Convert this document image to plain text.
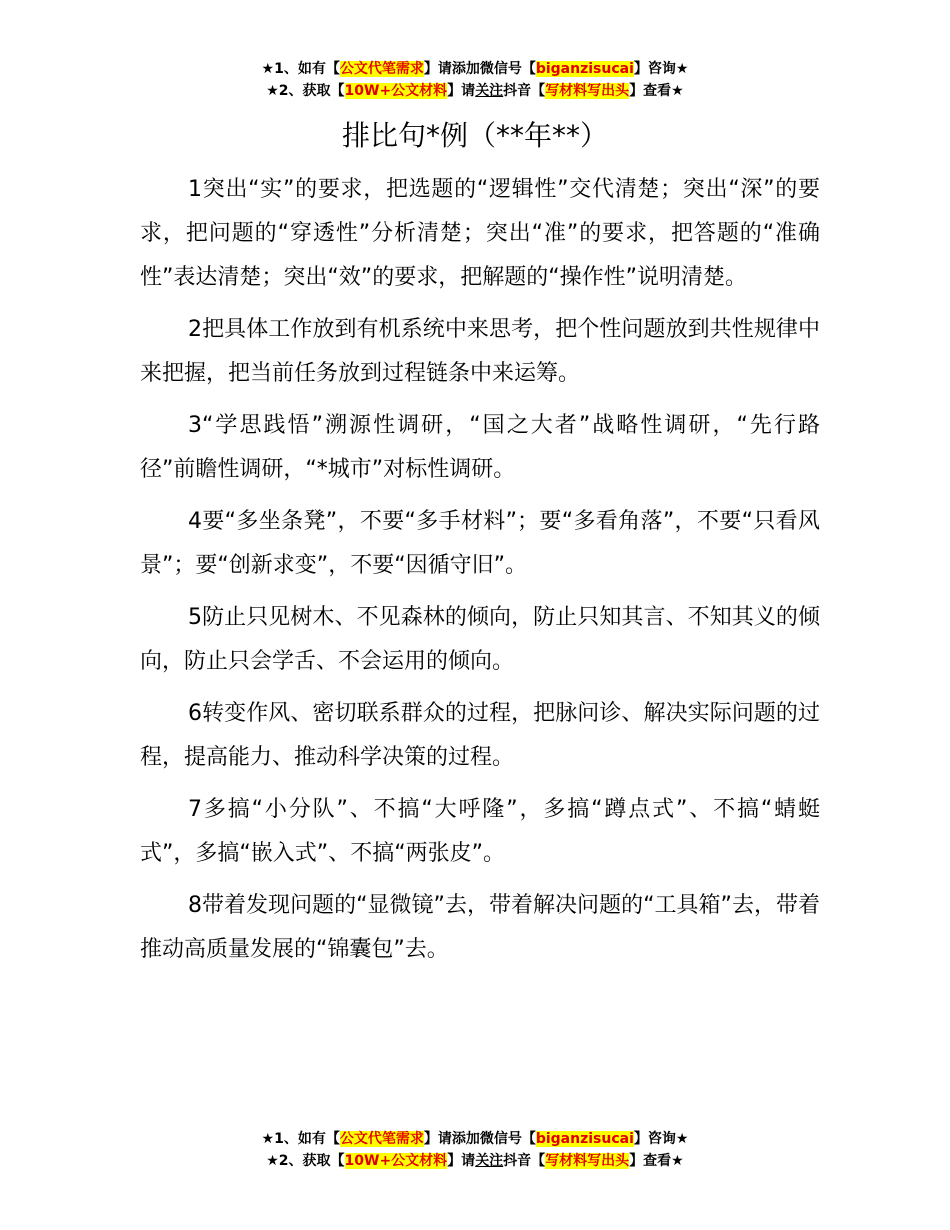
★1、如有【公文代笔需求】请添加微信号【biganzisucai】咨询★
★2、获取【10W+公文材料】请关注抖音【写材料写出头】查看★
排比句*例（**年**）

1突出“实”的要求，把选题的“逻辑性”交代清楚；突出“深”的要求，把问题的“穿透性”分析清楚；突出“准”的要求，把答题的“准确性”表达清楚；突出“效”的要求，把解题的“操作性”说明清楚。

2把具体工作放到有机系统中来思考，把个性问题放到共性规律中来把握，把当前任务放到过程链条中来运筹。

3“学思践悟”溯源性调研，“国之大者”战略性调研，“先行路径”前瞻性调研，“*城市”对标性调研。

4要“多坐条凳”，不要“多手材料”；要“多看角落”，不要“只看风景”；要“创新求变”，不要“因循守旧”。

5防止只见树木、不见森林的倾向，防止只知其言、不知其义的倾向，防止只会学舌、不会运用的倾向。

6转变作风、密切联系群众的过程，把脉问诊、解决实际问题的过程，提高能力、推动科学决策的过程。

7多搞“小分队”、不搞“大呼隆”，多搞“蹲点式”、不搞“蜻蜓式”，多搞“嵌入式”、不搞“两张皮”。

8带着发现问题的“显微镜”去，带着解决问题的“工具箱”去，带着推动高质量发展的“锦囊包”去。

★1、如有【公文代笔需求】请添加微信号【biganzisucai】咨询★
★2、获取【10W+公文材料】请关注抖音【写材料写出头】查看★
